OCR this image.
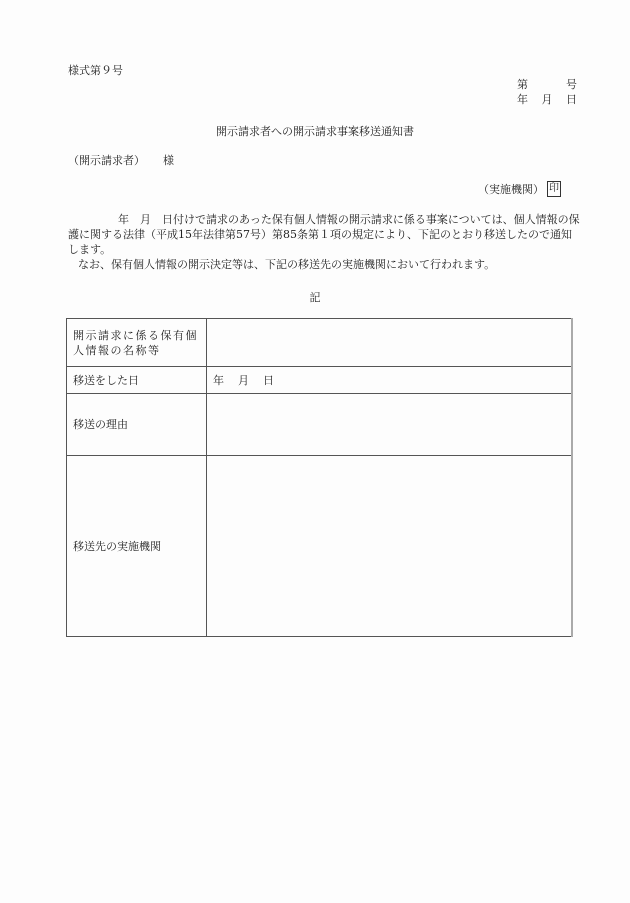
様式第９号
第	号
年 月 日
開示請求者への開示請求事案移送通知書
（開示請求者） 様
（実施機関） 印

年　月　日付けで請求のあった保有個人情報の開示請求に係る事案については、個人情報の保護に関する法律（平成15年法律第57号）第85条第１項の規定により、下記のとおり移送したので通知します。

なお、保有個人情報の開示決定等は、下記の移送先の実施機関において行われます。

記
開示請求に係る保有個人情報の名称等	
移送をした日	年 月 日
移送の理由	
移送先の実施機関	
